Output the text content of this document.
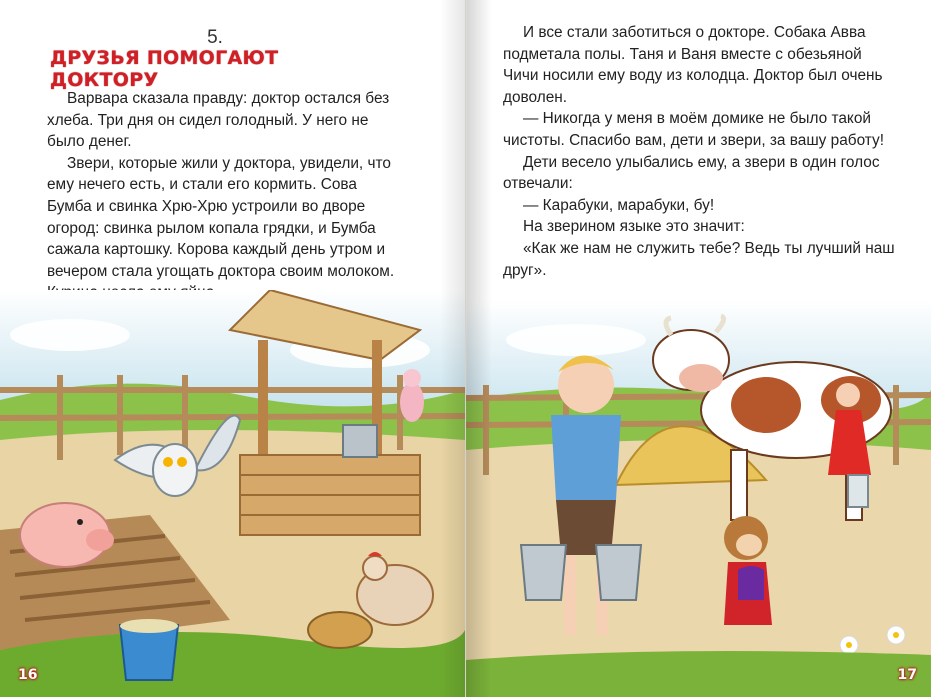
5.
ДРУЗЬЯ ПОМОГАЮТ ДОКТОРУ

Варвара сказала правду: доктор остался без хлеба. Три дня он сидел голодный. У него не было денег.

Звери, которые жили у доктора, увидели, что ему нечего есть, и стали его кормить. Сова Бумба и свинка Хрю-Хрю устроили во дворе огород: свинка рылом копала грядки, и Бумба сажала картошку. Корова каждый день утром и вечером стала угощать доктора своим молоком.

16

И все стали заботиться о докторе. Собака Авва подметала полы. Таня и Ваня вместе с обезьяной Чичи носили ему воду из колодца. Доктор был очень доволен.

— Никогда у меня в моём домике не было такой чистоты. Спасибо вам, дети и звери, за вашу работу!

Дети весело улыбались ему, а звери в один голос отвечали:

— Карабуки, марабуки, бу!

На зверином языке это значит:

«Как же нам не служить тебе? Ведь ты лучший наш друг».

17
